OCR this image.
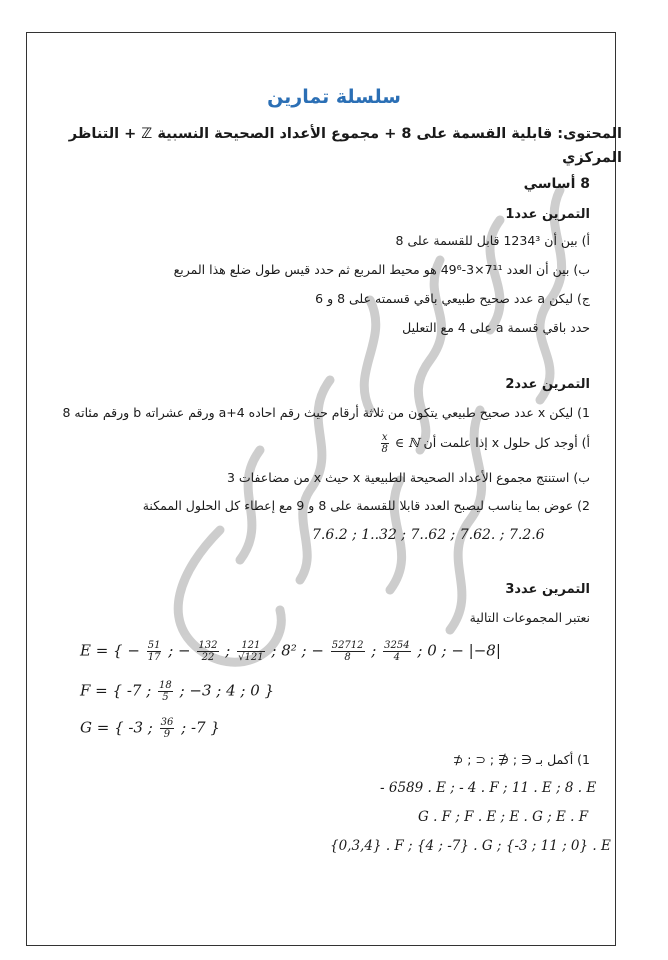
سلسلة تمارين
المحتوى: قابلية القسمة على 8 + مجموع الأعداد الصحيحة النسبية ℤ + التناظر المركزي
8 أساسي
التمرين عدد1
أ) بين أن 1234³ قابل للقسمة على 8
ب) بين أن العدد 7¹¹×3-49⁶ هو محيط المربع ثم حدد قيس طول ضلع هذا المربع
ج) ليكن a عدد صحيح طبيعي باقي قسمته على 8 و 6
حدد باقي قسمة a على 4 مع التعليل
التمرين عدد2
1) ليكن x عدد صحيح طبيعي يتكون من ثلاثة أرقام حيث رقم احاده a+4 ورقم عشراته b ورقم مئاته 8
أ) أوجد كل حلول x إذا علمت أن
$\frac{x}{8}$ ∈ ℕ
ب) استنتج مجموع الأعداد الصحيحة الطبيعية x حيث x من مضاعفات 3
2) عوض بما يناسب ليصبح العدد قابلا للقسمة على 8 و 9 مع إعطاء كل الحلول الممكنة
7.6.2 ; 1..32 ; 7..62 ; 7.62. ; 7.2.6
التمرين عدد3
نعتبر المجموعات التالية
E = { − $\frac{51}{17}$ ; − $\frac{132}{22}$ ; $\frac{121}{√121}$ ; 8² ; − $\frac{52712}{8}$ ; $\frac{3254}{4}$ ; 0 ; − |−8|
F = { -7 ; $\frac{18}{5}$ ; −3 ; 4 ; 0 }
G = { -3 ; $\frac{36}{9}$ ; -7 }
1) أكمل بـ ∈ ; ∉ ; ⊂ ; ⊄
- 6589 . E ; - 4 . F ; 11 . E ; 8 . E
G . F ; F . E ; E . G ; E . F
{0,3,4} . F ; {4 ; -7} . G ; {-3 ; 11 ; 0} . E
